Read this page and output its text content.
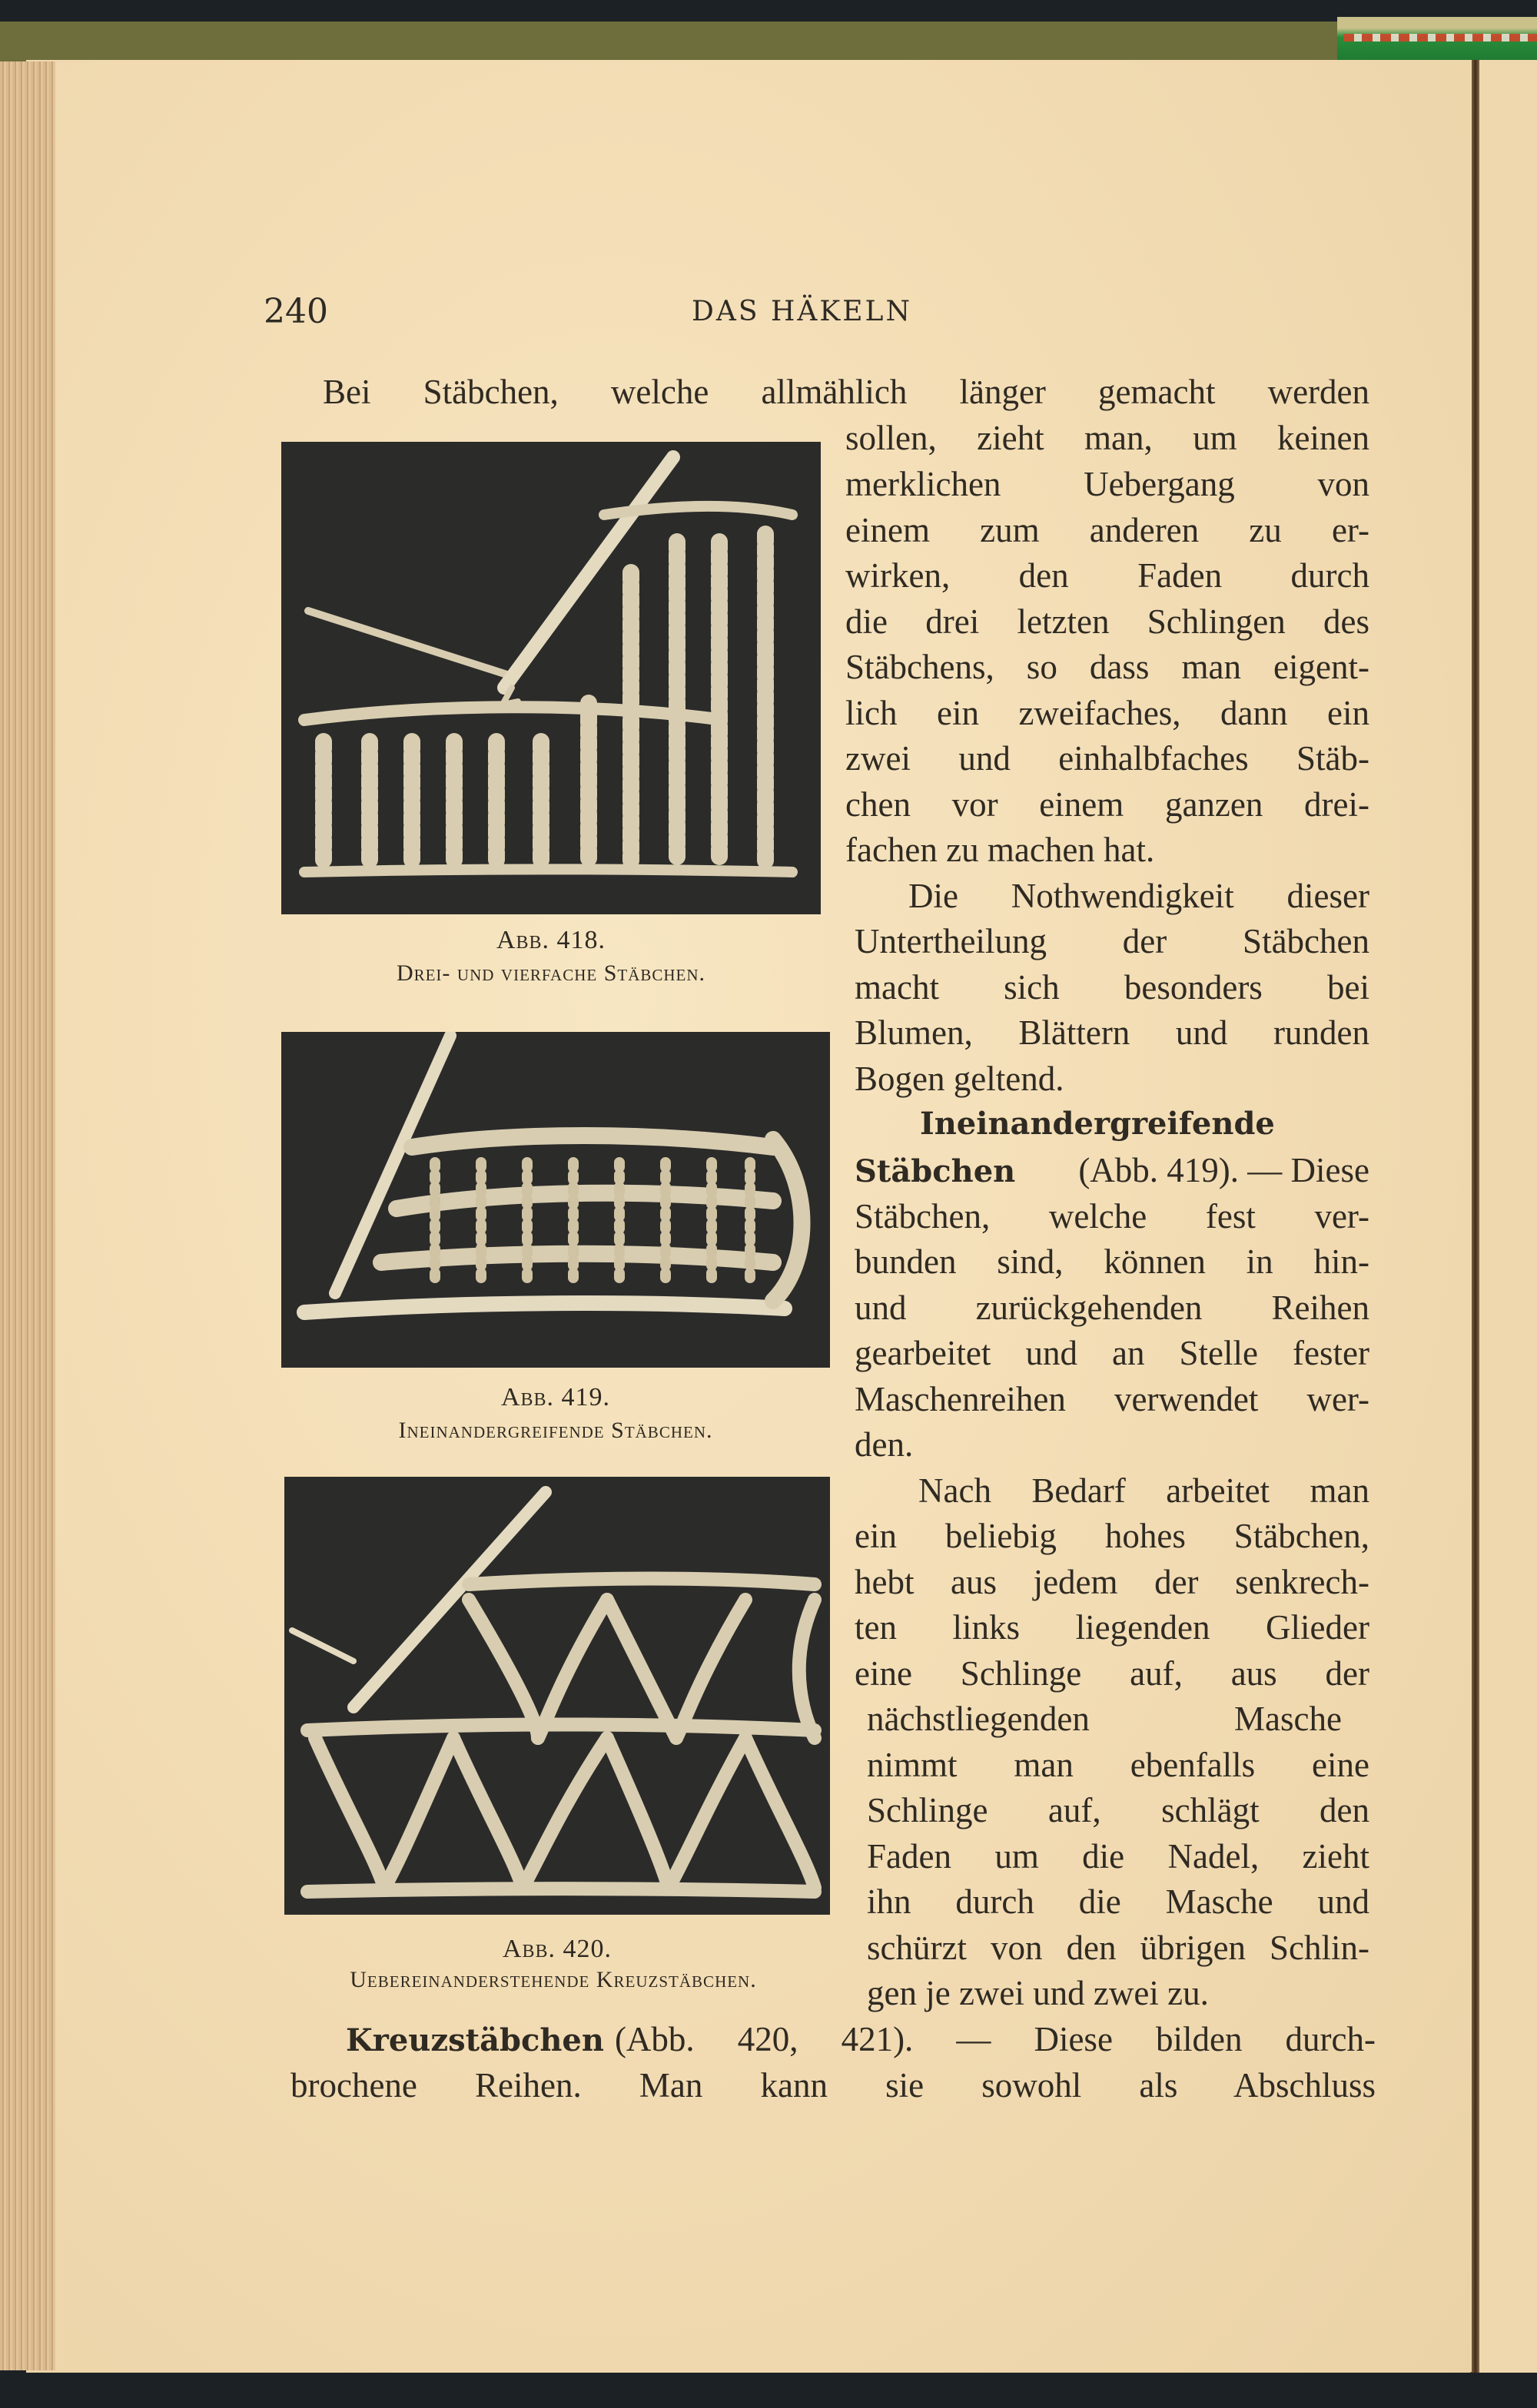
240	DAS HÄKELN
Bei Stäbchen, welche allmählich länger gemacht werden
Abb. 418.
Drei- und vierfache Stäbchen.
Abb. 419.
Ineinandergreifende Stäbchen.
Abb. 420.
Uebereinanderstehende Kreuzstäbchen.
sollen, zieht man, um keinen
merklichen Uebergang von
einem zum anderen zu er-
wirken, den Faden durch
die drei letzten Schlingen des
Stäbchens, so dass man eigent-
lich ein zweifaches, dann ein
zwei und einhalbfaches Stäb-
chen vor einem ganzen drei-
fachen zu machen hat.
Die Nothwendigkeit dieser
Untertheilung der Stäbchen
macht sich besonders bei
Blumen, Blättern und runden
Bogen geltend.
Ineinandergreifende
Stäbchen (Abb. 419). — Diese
Stäbchen, welche fest ver-
bunden sind, können in hin-
und zurückgehenden Reihen
gearbeitet und an Stelle fester
Maschenreihen verwendet wer-
den.
Nach Bedarf arbeitet man
ein beliebig hohes Stäbchen,
hebt aus jedem der senkrech-
ten links liegenden Glieder
eine Schlinge auf, aus der
nächstliegenden Masche
nimmt man ebenfalls eine
Schlinge auf, schlägt den
Faden um die Nadel, zieht
ihn durch die Masche und
schürzt von den übrigen Schlin-
gen je zwei und zwei zu.
Kreuzstäbchen (Abb. 420, 421). — Diese bilden durch-
brochene Reihen. Man kann sie sowohl als Abschluss
